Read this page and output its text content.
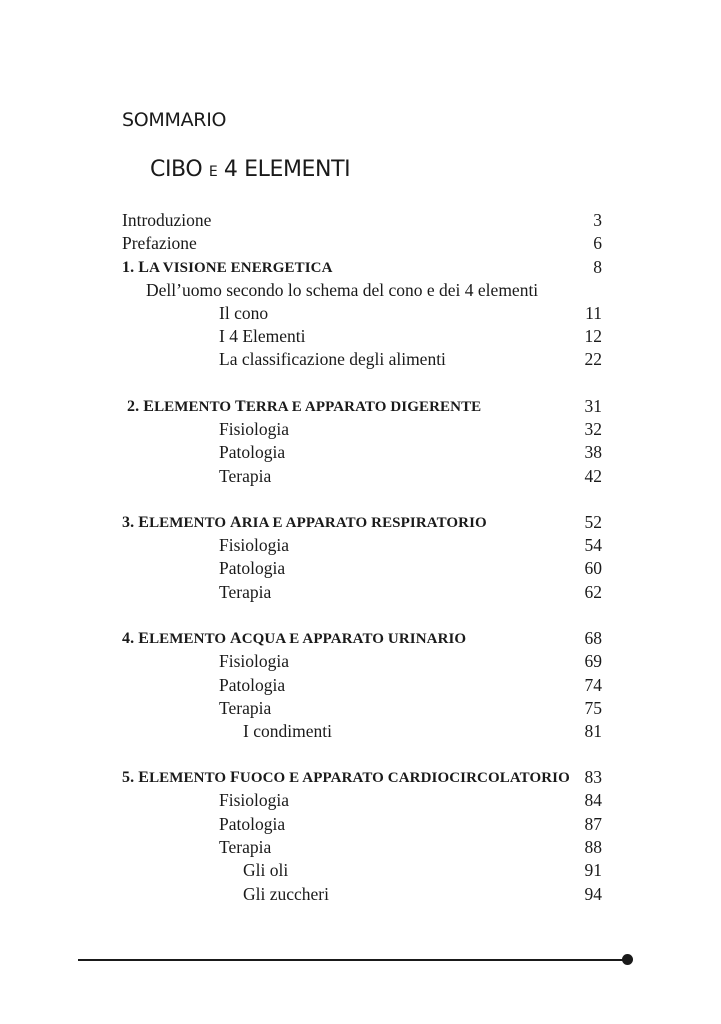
SOMMARIO
CIBO E 4 ELEMENTI
Introduzione	3
Prefazione	6
1. LA VISIONE ENERGETICA	8
Dell’uomo secondo lo schema del cono e dei 4 elementi
Il cono	11
I 4 Elementi	12
La classificazione degli alimenti	22
2. ELEMENTO TERRA E APPARATO DIGERENTE	31
Fisiologia	32
Patologia	38
Terapia	42
3. ELEMENTO ARIA E APPARATO RESPIRATORIO	52
Fisiologia	54
Patologia	60
Terapia	62
4. ELEMENTO ACQUA E APPARATO URINARIO	68
Fisiologia	69
Patologia	74
Terapia	75
I condimenti	81
5. ELEMENTO FUOCO E APPARATO CARDIOCIRCOLATORIO 83
Fisiologia	84
Patologia	87
Terapia	88
Gli oli	91
Gli zuccheri	94
